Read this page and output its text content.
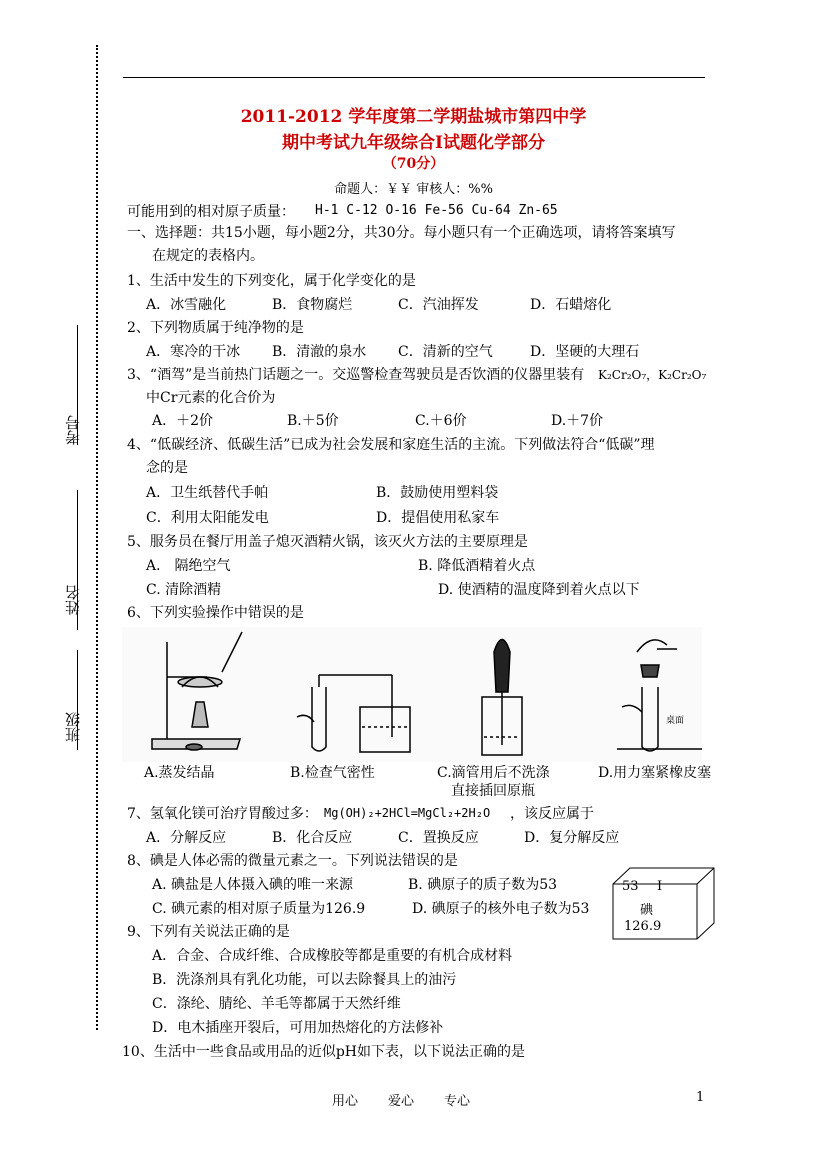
考号
姓名
班级
2011-2012 学年度第二学期盐城市第四中学
期中考试九年级综合Ⅰ试题化学部分
（70分）
命题人：￥￥ 审核人：%%
可能用到的相对原子质量： H-1 C-12 O-16 Fe-56 Cu-64 Zn-65
一、选择题：共15小题，每小题2分，共30分。每小题只有一个正确选项，请将答案填写
在规定的表格内。
1、生活中发生的下列变化，属于化学变化的是
A．冰雪融化	B．食物腐烂	C．汽油挥发	D．石蜡熔化
2、下列物质属于纯净物的是
A．寒冷的干冰 B．清澈的泉水 C．清新的空气	D．坚硬的大理石
3、“酒驾”是当前热门话题之一。交巡警检查驾驶员是否饮酒的仪器里装有 K₂Cr₂O₇，K₂Cr₂O₇
中Cr元素的化合价为
A．＋2价	B.＋5价	C.＋6价	D.＋7价
4、“低碳经济、低碳生活”已成为社会发展和家庭生活的主流。下列做法符合“低碳”理
念的是
A．卫生纸替代手帕	B．鼓励使用塑料袋
C．利用太阳能发电	D．提倡使用私家车
5、服务员在餐厅用盖子熄灭酒精火锅，该灭火方法的主要原理是
A． 隔绝空气	B. 降低酒精着火点
C. 清除酒精	D. 使酒精的温度降到着火点以下
6、下列实验操作中错误的是
桌面
A.蒸发结晶	B.检查气密性	C.滴管用后不洗涤
直接插回原瓶
D.用力塞紧橡皮塞
7、氢氧化镁可治疗胃酸过多： Mg(OH)₂+2HCl=MgCl₂+2H₂O ，该反应属于
A．分解反应	B．化合反应	C．置换反应	D．复分解反应
8、碘是人体必需的微量元素之一。下列说法错误的是
A. 碘盐是人体摄入碘的唯一来源	B. 碘原子的质子数为53
C. 碘元素的相对原子质量为126.9	D. 碘原子的核外电子数为53
53 I
碘
126.9
9、下列有关说法正确的是
A．合金、合成纤维、合成橡胶等都是重要的有机合成材料
B．洗涤剂具有乳化功能，可以去除餐具上的油污
C．涤纶、腈纶、羊毛等都属于天然纤维
D．电木插座开裂后，可用加热熔化的方法修补
10、生活中一些食品或用品的近似pH如下表，以下说法正确的是
用心 爱心 专心	1
